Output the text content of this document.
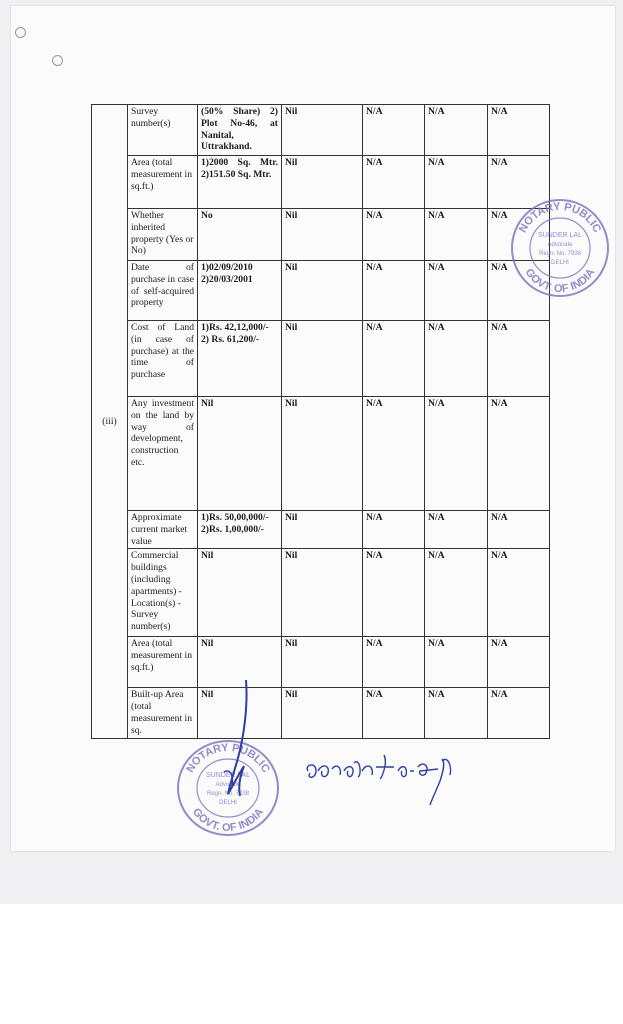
(iii)	Survey number(s)	(50% Share) 2) Plot No-46, at Nanital, Uttrakhand.	Nil	N/A	N/A	N/A
	Area (total measurement in sq.ft.)	1)2000 Sq. Mtr. 2)151.50 Sq. Mtr.	Nil	N/A	N/A	N/A
	Whether inherited property (Yes or No)	No	Nil	N/A	N/A	N/A
	Date of purchase in case of self-acquired property	1)02/09/2010 2)20/03/2001	Nil	N/A	N/A	N/A
	Cost of Land (in case of purchase) at the time of purchase	1)Rs. 42,12,000/- 2) Rs. 61,200/-	Nil	N/A	N/A	N/A
	Any investment on the land by way of development, construction etc.	Nil	Nil	N/A	N/A	N/A
	Approximate current market value	1)Rs. 50,00,000/- 2)Rs. 1,00,000/-	Nil	N/A	N/A	N/A
	Commercial buildings (including apartments) -Location(s) -Survey number(s)	Nil	Nil	N/A	N/A	N/A
	Area (total measurement in sq.ft.)	Nil	Nil	N/A	N/A	N/A
	Built-up Area (total measurement in sq.	Nil	Nil	N/A	N/A	N/A
NOTARY PUBLIC
GOVT. OF INDIA
SUNDER LAL
Advocate
Regn. No. 7938
DELHI
NOTARY PUBLIC
GOVT. OF INDIA
SUNDER LAL
Advocate
Regn. No. 7938
DELHI
